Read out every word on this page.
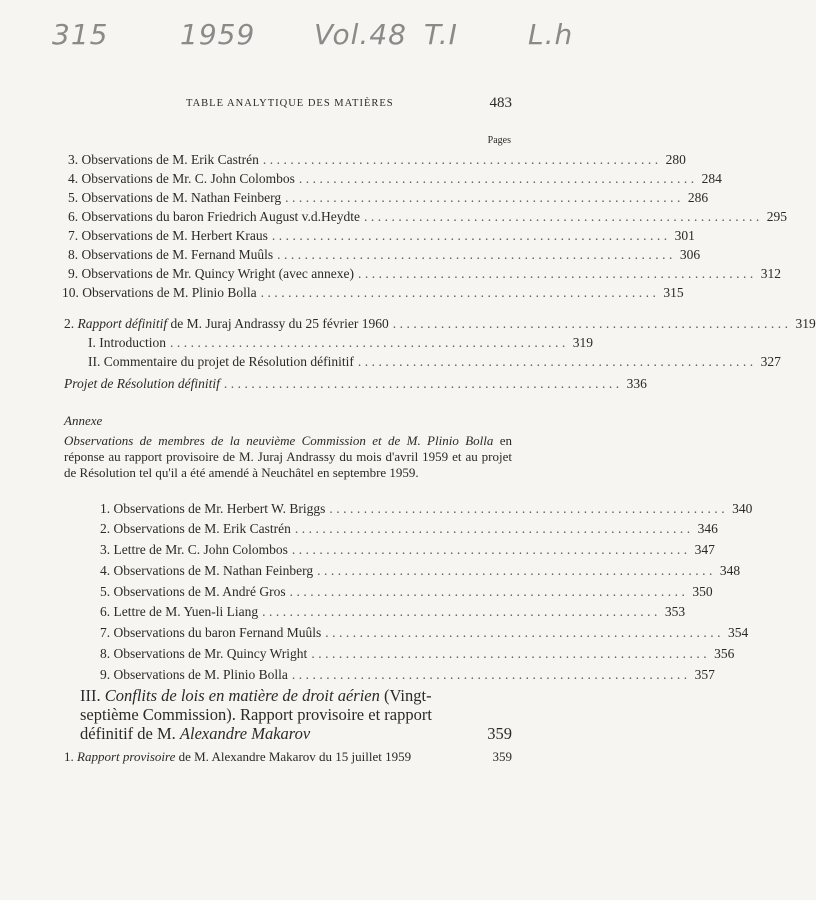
315	1959 Vol.48 T.I	L.h
TABLE ANALYTIQUE DES MATIÈRES	483
Pages
3. Observations de M. Erik Castrén .......................................................... 280
4. Observations de Mr. C. John Colombos .......................................................... 284
5. Observations de M. Nathan Feinberg .......................................................... 286
6. Observations du baron Friedrich August v.d.Heydte .......................................................... 295
7. Observations de M. Herbert Kraus .......................................................... 301
8. Observations de M. Fernand Muûls .......................................................... 306
9. Observations de Mr. Quincy Wright (avec annexe) .......................................................... 312
10. Observations de M. Plinio Bolla .......................................................... 315
2. Rapport définitif de M. Juraj Andrassy du 25 février 1960 .......................................................... 319
I. Introduction .......................................................... 319
II. Commentaire du projet de Résolution définitif .......................................................... 327
Projet de Résolution définitif .......................................................... 336
Annexe
Observations de membres de la neuvième Commission et de M. Plinio Bolla en réponse au rapport provisoire de M. Juraj Andrassy du mois d'avril 1959 et au projet de Résolution tel qu'il a été amendé à Neuchâtel en septembre 1959.
1. Observations de Mr. Herbert W. Briggs .......................................................... 340
2. Observations de M. Erik Castrén .......................................................... 346
3. Lettre de Mr. C. John Colombos .......................................................... 347
4. Observations de M. Nathan Feinberg .......................................................... 348
5. Observations de M. André Gros .......................................................... 350
6. Lettre de M. Yuen-li Liang .......................................................... 353
7. Observations du baron Fernand Muûls .......................................................... 354
8. Observations de Mr. Quincy Wright .......................................................... 356
9. Observations de M. Plinio Bolla .......................................................... 357
III. Conflits de lois en matière de droit aérien (Vingt-septième Commission). Rapport provisoire et rapport définitif de M. Alexandre Makarov	359
1. Rapport provisoire de M. Alexandre Makarov du 15 juillet 1959	359
